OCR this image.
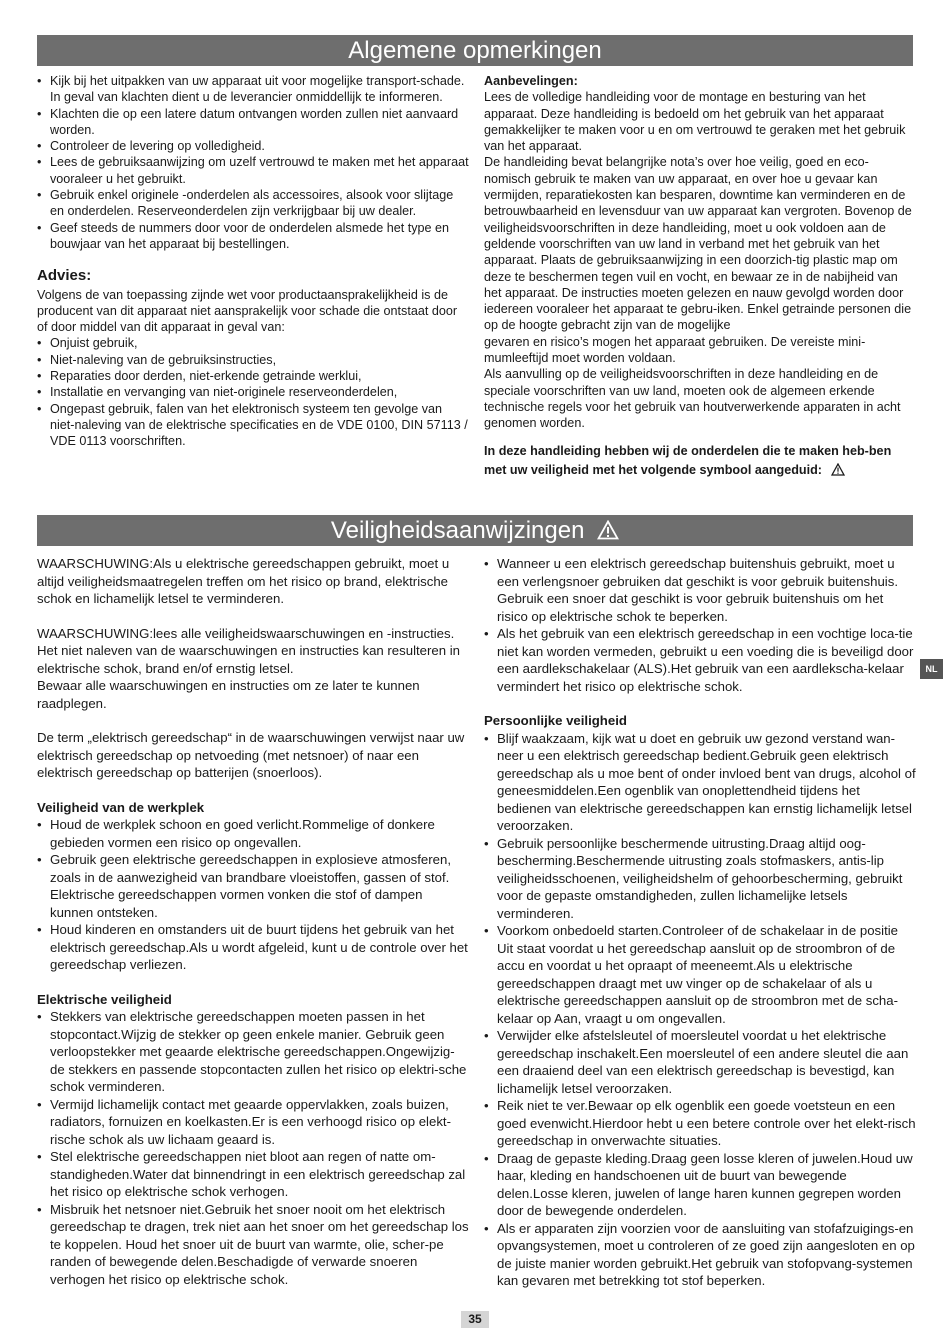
Algemene opmerkingen
• Kijk bij het uitpakken van uw apparaat uit voor mogelijke transport-schade. In geval van klachten dient u de leverancier onmiddellijk te informeren.
• Klachten die op een latere datum ontvangen worden zullen niet aanvaard worden.
• Controleer de levering op volledigheid.
• Lees de gebruiksaanwijzing om uzelf vertrouwd te maken met het apparaat vooraleer u het gebruikt.
• Gebruik enkel originele -onderdelen als accessoires, alsook voor slijtage en onderdelen. Reserveonderdelen zijn verkrijgbaar bij uw dealer.
• Geef steeds de nummers door voor de onderdelen alsmede het type en bouwjaar van het apparaat bij bestellingen.
Advies:

Volgens de van toepassing zijnde wet voor productaansprakelijkheid is de producent van dit apparaat niet aansprakelijk voor schade die ontstaat door of door middel van dit apparaat in geval van:

• Onjuist gebruik,
• Niet-naleving van de gebruiksinstructies,
• Reparaties door derden, niet-erkende getrainde werklui,
• Installatie en vervanging van niet-originele reserveonderdelen,
• Ongepast gebruik, falen van het elektronisch systeem ten gevolge van niet-naleving van de elektrische specificaties en de VDE 0100, DIN 57113 / VDE 0113 voorschriften.

Aanbevelingen:

Lees de volledige handleiding voor de montage en besturing van het apparaat. Deze handleiding is bedoeld om het gebruik van het apparaat gemakkelijker te maken voor u en om vertrouwd te geraken met het gebruik van het apparaat.

De handleiding bevat belangrijke nota’s over hoe veilig, goed en eco-nomisch gebruik te maken van uw apparaat, en over hoe u gevaar kan vermijden, reparatiekosten kan besparen, downtime kan verminderen en de betrouwbaarheid en levensduur van uw apparaat kan vergroten. Bovenop de veiligheidsvoorschriften in deze handleiding, moet u ook voldoen aan de geldende voorschriften van uw land in verband met het gebruik van het apparaat. Plaats de gebruiksaanwijzing in een doorzich-tig plastic map om deze te beschermen tegen vuil en vocht, en bewaar ze in de nabijheid van het apparaat. De instructies moeten gelezen en nauw gevolgd worden door iedereen vooraleer het apparaat te gebru-iken. Enkel getrainde personen die op de hoogte gebracht zijn van de mogelijke

gevaren en risico’s mogen het apparaat gebruiken. De vereiste mini-mumleeftijd moet worden voldaan.

Als aanvulling op de veiligheidsvoorschriften in deze handleiding en de speciale voorschriften van uw land, moeten ook de algemeen erkende technische regels voor het gebruik van houtverwerkende apparaten in acht genomen worden.

In deze handleiding hebben wij de onderdelen die te maken heb-ben met uw veiligheid met het volgende symbool aangeduid:

Veiligheidsaanwijzingen

WAARSCHUWING:Als u elektrische gereedschappen gebruikt, moet u altijd veiligheidsmaatregelen treffen om het risico op brand, elektrische schok en lichamelijk letsel te verminderen.

WAARSCHUWING:lees alle veiligheidswaarschuwingen en -instructies. Het niet naleven van de waarschuwingen en instructies kan resulteren in elektrische schok, brand en/of ernstig letsel.

Bewaar alle waarschuwingen en instructies om ze later te kunnen raadplegen.

De term „elektrisch gereedschap“ in de waarschuwingen verwijst naar uw elektrisch gereedschap op netvoeding (met netsnoer) of naar een elektrisch gereedschap op batterijen (snoerloos).

Veiligheid van de werkplek

• Houd de werkplek schoon en goed verlicht.Rommelige of donkere gebieden vormen een risico op ongevallen.
• Gebruik geen elektrische gereedschappen in explosieve atmosferen, zoals in de aanwezigheid van brandbare vloeistoffen, gassen of stof. Elektrische gereedschappen vormen vonken die stof of dampen kunnen ontsteken.
• Houd kinderen en omstanders uit de buurt tijdens het gebruik van het elektrisch gereedschap.Als u wordt afgeleid, kunt u de controle over het gereedschap verliezen.

Elektrische veiligheid

• Stekkers van elektrische gereedschappen moeten passen in het stopcontact.Wijzig de stekker op geen enkele manier. Gebruik geen verloopstekker met geaarde elektrische gereedschappen.Ongewijzig-de stekkers en passende stopcontacten zullen het risico op elektri-sche schok verminderen.
• Vermijd lichamelijk contact met geaarde oppervlakken, zoals buizen, radiators, fornuizen en koelkasten.Er is een verhoogd risico op elekt-rische schok als uw lichaam geaard is.
• Stel elektrische gereedschappen niet bloot aan regen of natte om-standigheden.Water dat binnendringt in een elektrisch gereedschap zal het risico op elektrische schok verhogen.
• Misbruik het netsnoer niet.Gebruik het snoer nooit om het elektrisch gereedschap te dragen, trek niet aan het snoer om het gereedschap los te koppelen. Houd het snoer uit de buurt van warmte, olie, scher-pe randen of bewegende delen.Beschadigde of verwarde snoeren verhogen het risico op elektrische schok.
• Wanneer u een elektrisch gereedschap buitenshuis gebruikt, moet u een verlengsnoer gebruiken dat geschikt is voor gebruik buitenshuis. Gebruik een snoer dat geschikt is voor gebruik buitenshuis om het risico op elektrische schok te beperken.
• Als het gebruik van een elektrisch gereedschap in een vochtige loca-tie niet kan worden vermeden, gebruikt u een voeding die is beveiligd door een aardlekschakelaar (ALS).Het gebruik van een aardlekscha-kelaar vermindert het risico op elektrische schok.

Persoonlijke veiligheid

• Blijf waakzaam, kijk wat u doet en gebruik uw gezond verstand wan-neer u een elektrisch gereedschap bedient.Gebruik geen elektrisch gereedschap als u moe bent of onder invloed bent van drugs, alcohol of geneesmiddelen.Een ogenblik van onoplettendheid tijdens het bedienen van elektrische gereedschappen kan ernstig lichamelijk letsel veroorzaken.
• Gebruik persoonlijke beschermende uitrusting.Draag altijd oog-bescherming.Beschermende uitrusting zoals stofmaskers, antis-lip veiligheidsschoenen, veiligheidshelm of gehoorbescherming, gebruikt voor de gepaste omstandigheden, zullen lichamelijke letsels verminderen.
• Voorkom onbedoeld starten.Controleer of de schakelaar in de positie Uit staat voordat u het gereedschap aansluit op de stroombron of de accu en voordat u het opraapt of meeneemt.Als u elektrische gereedschappen draagt met uw vinger op de schakelaar of als u elektrische gereedschappen aansluit op de stroombron met de scha-kelaar op Aan, vraagt u om ongevallen.
• Verwijder elke afstelsleutel of moersleutel voordat u het elektrische gereedschap inschakelt.Een moersleutel of een andere sleutel die aan een draaiend deel van een elektrisch gereedschap is bevestigd, kan lichamelijk letsel veroorzaken.
• Reik niet te ver.Bewaar op elk ogenblik een goede voetsteun en een goed evenwicht.Hierdoor hebt u een betere controle over het elekt-risch gereedschap in onverwachte situaties.
• Draag de gepaste kleding.Draag geen losse kleren of juwelen.Houd uw haar, kleding en handschoenen uit de buurt van bewegende delen.Losse kleren, juwelen of lange haren kunnen gegrepen worden door de bewegende onderdelen.
• Als er apparaten zijn voorzien voor de aansluiting van stofafzuigings-en opvangsystemen, moet u controleren of ze goed zijn aangesloten en op de juiste manier worden gebruikt.Het gebruik van stofopvang-systemen kan gevaren met betrekking tot stof beperken.
NL
35
